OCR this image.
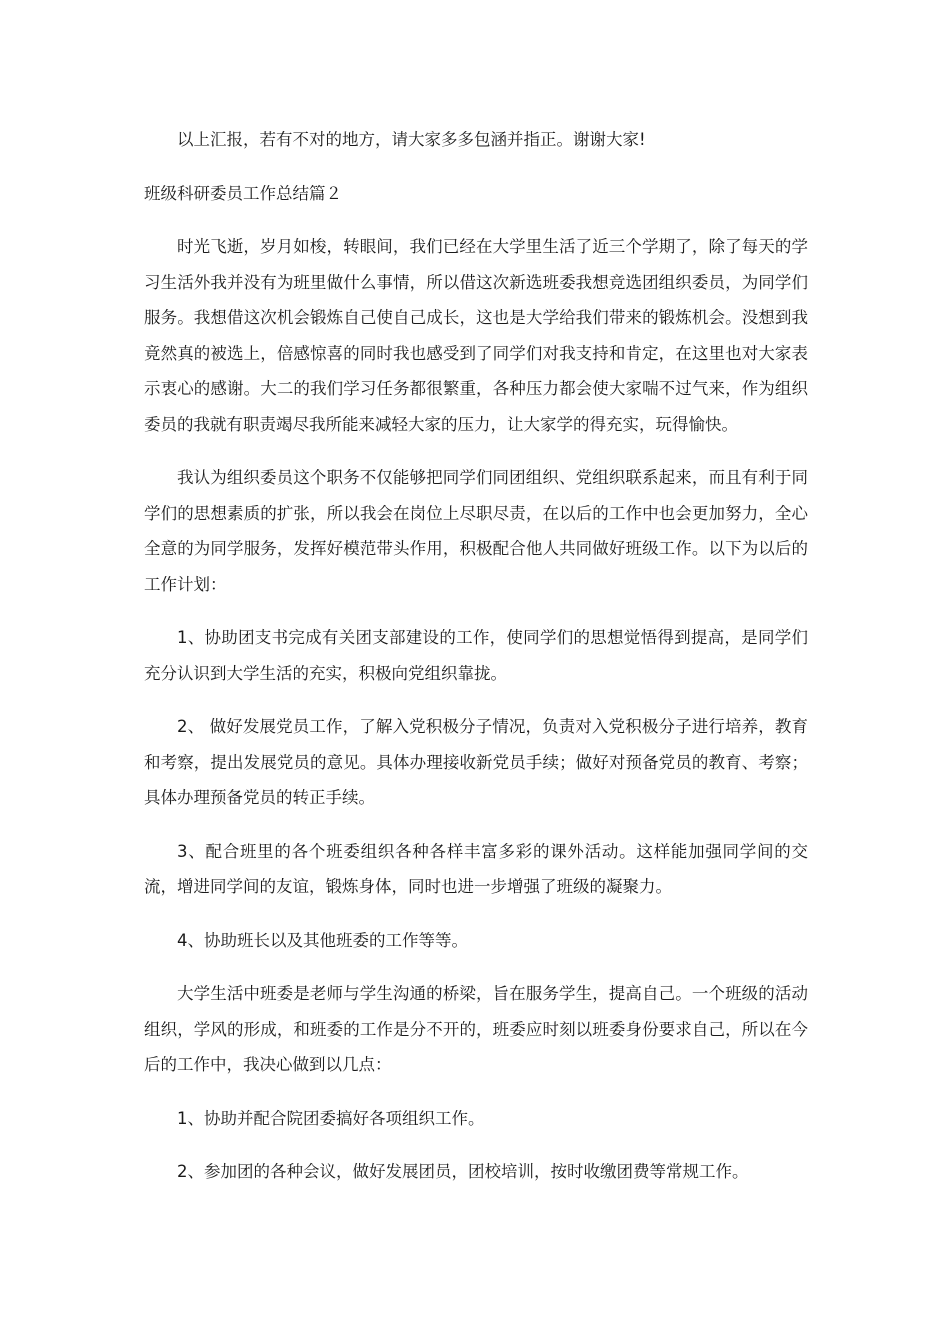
以上汇报，若有不对的地方，请大家多多包涵并指正。谢谢大家!

班级科研委员工作总结篇２

时光飞逝，岁月如梭，转眼间，我们已经在大学里生活了近三个学期了，除了每天的学习生活外我并没有为班里做什么事情，所以借这次新选班委我想竞选团组织委员，为同学们服务。我想借这次机会锻炼自己使自己成长，这也是大学给我们带来的锻炼机会。没想到我竟然真的被选上，倍感惊喜的同时我也感受到了同学们对我支持和肯定，在这里也对大家表示衷心的感谢。大二的我们学习任务都很繁重，各种压力都会使大家喘不过气来，作为组织委员的我就有职责竭尽我所能来减轻大家的压力，让大家学的得充实，玩得愉快。

我认为组织委员这个职务不仅能够把同学们同团组织、党组织联系起来，而且有利于同学们的思想素质的扩张，所以我会在岗位上尽职尽责，在以后的工作中也会更加努力，全心全意的为同学服务，发挥好模范带头作用，积极配合他人共同做好班级工作。以下为以后的工作计划：

1、协助团支书完成有关团支部建设的工作，使同学们的思想觉悟得到提高，是同学们充分认识到大学生活的充实，积极向党组织靠拢。

2、 做好发展党员工作，了解入党积极分子情况，负责对入党积极分子进行培养，教育和考察，提出发展党员的意见。具体办理接收新党员手续；做好对预备党员的教育、考察；具体办理预备党员的转正手续。

3、配合班里的各个班委组织各种各样丰富多彩的课外活动。这样能加强同学间的交流，增进同学间的友谊，锻炼身体，同时也进一步增强了班级的凝聚力。

4、协助班长以及其他班委的工作等等。

大学生活中班委是老师与学生沟通的桥梁，旨在服务学生，提高自己。一个班级的活动组织，学风的形成，和班委的工作是分不开的，班委应时刻以班委身份要求自己，所以在今后的工作中，我决心做到以几点：

1、协助并配合院团委搞好各项组织工作。

2、参加团的各种会议，做好发展团员，团校培训，按时收缴团费等常规工作。
